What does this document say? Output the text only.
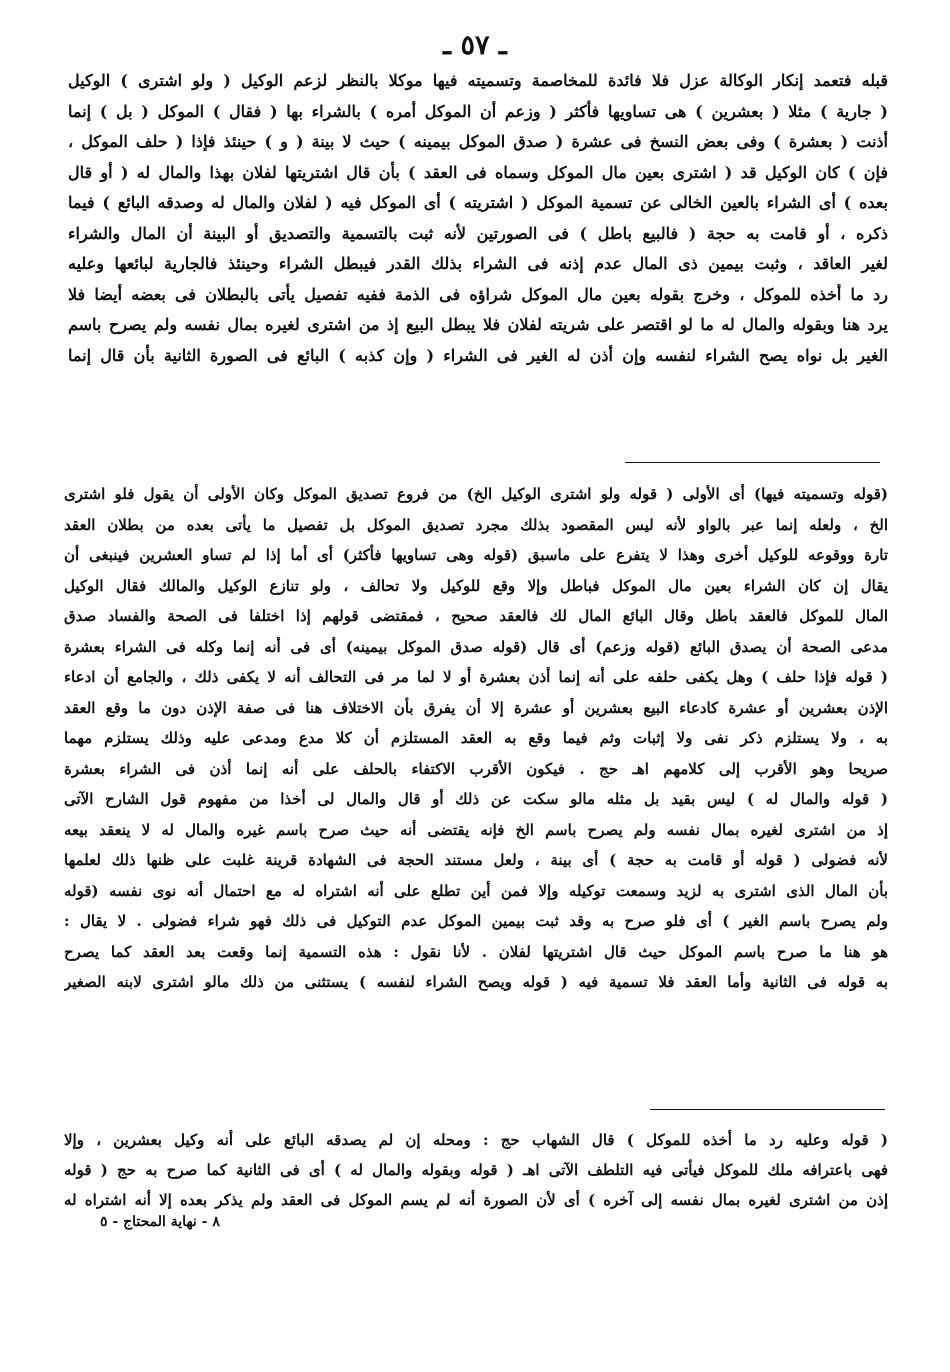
ـ ٥٧ ـ
قبله فتعمد إنكار الوكالة عزل فلا فائدة للمخاصمة وتسميته فيها موكلا بالنظر لزعم الوكيل ( ولو اشترى ) الوكيل
( جارية ) مثلا ( بعشرين ) هى تساويها فأكثر ( وزعم أن الموكل أمره ) بالشراء بها ( فقال ) الموكل ( بل ) إنما
أذنت ( بعشرة ) وفى بعض النسخ فى عشرة ( صدق الموكل بيمينه ) حيث لا بينة ( و ) حينئذ فإذا ( حلف الموكل ،
فإن ) كان الوكيل قد ( اشترى بعين مال الموكل وسماه فى العقد ) بأن قال اشتريتها لفلان بهذا والمال له ( أو قال
بعده ) أى الشراء بالعين الخالى عن تسمية الموكل ( اشتريته ) أى الموكل فيه ( لفلان والمال له وصدقه البائع ) فيما
ذكره ، أو قامت به حجة ( فالبيع باطل ) فى الصورتين لأنه ثبت بالتسمية والتصديق أو البينة أن المال والشراء
لغير العاقد ، وثبت بيمين ذى المال عدم إذنه فى الشراء بذلك القدر فيبطل الشراء وحينئذ فالجارية لبائعها وعليه
رد ما أخذه للموكل ، وخرج بقوله بعين مال الموكل شراؤه فى الذمة ففيه تفصيل يأتى بالبطلان فى بعضه أيضا فلا
يرد هنا وبقوله والمال له ما لو اقتصر على شريته لفلان فلا يبطل البيع إذ من اشترى لغيره بمال نفسه ولم يصرح باسم
الغير بل نواه يصح الشراء لنفسه وإن أذن له الغير فى الشراء ( وإن كذبه ) البائع فى الصورة الثانية بأن قال إنما
(قوله وتسميته فيها) أى الأولى ( قوله ولو اشترى الوكيل الخ) من فروع تصديق الموكل وكان الأولى أن يقول فلو اشترى
الخ ، ولعله إنما عبر بالواو لأنه ليس المقصود بذلك مجرد تصديق الموكل بل تفصيل ما يأتى بعده من بطلان العقد
تارة ووقوعه للوكيل أخرى وهذا لا يتفرع على ماسبق (قوله وهى تساويها فأكثر) أى أما إذا لم تساو العشرين فينبغى أن
يقال إن كان الشراء بعين مال الموكل فباطل وإلا وقع للوكيل ولا تحالف ، ولو تنازع الوكيل والمالك فقال الوكيل
المال للموكل فالعقد باطل وقال البائع المال لك فالعقد صحيح ، فمقتضى قولهم إذا اختلفا فى الصحة والفساد صدق
مدعى الصحة أن يصدق البائع (قوله وزعم) أى قال (قوله صدق الموكل بيمينه) أى فى أنه إنما وكله فى الشراء بعشرة
( قوله فإذا حلف ) وهل يكفى حلفه على أنه إنما أذن بعشرة أو لا لما مر فى التحالف أنه لا يكفى ذلك ، والجامع أن ادعاء
الإذن بعشرين أو عشرة كادعاء البيع بعشرين أو عشرة إلا أن يفرق بأن الاختلاف هنا فى صفة الإذن دون ما وقع العقد
به ، ولا يستلزم ذكر نفى ولا إثبات وثم فيما وقع به العقد المستلزم أن كلا مدع ومدعى عليه وذلك يستلزم مهما
صريحا وهو الأقرب إلى كلامهم اهـ حج . فيكون الأقرب الاكتفاء بالحلف على أنه إنما أذن فى الشراء بعشرة
( قوله والمال له ) ليس بقيد بل مثله مالو سكت عن ذلك أو قال والمال لى أخذا من مفهوم قول الشارح الآتى
إذ من اشترى لغيره بمال نفسه ولم يصرح باسم الخ فإنه يقتضى أنه حيث صرح باسم غيره والمال له لا ينعقد بيعه
لأنه فضولى ( قوله أو قامت به حجة ) أى بينة ، ولعل مستند الحجة فى الشهادة قرينة غلبت على ظنها ذلك لعلمها
بأن المال الذى اشترى به لزيد وسمعت توكيله وإلا فمن أين تطلع على أنه اشتراه له مع احتمال أنه نوى نفسه (قوله
ولم يصرح باسم الغير ) أى فلو صرح به وقد ثبت بيمين الموكل عدم التوكيل فى ذلك فهو شراء فضولى . لا يقال :
هو هنا ما صرح باسم الموكل حيث قال اشتريتها لفلان . لأنا نقول : هذه التسمية إنما وقعت بعد العقد كما يصرح
به قوله فى الثانية وأما العقد فلا تسمية فيه ( قوله ويصح الشراء لنفسه ) يستثنى من ذلك مالو اشترى لابنه الصغير
( قوله وعليه رد ما أخذه للموكل ) قال الشهاب حج : ومحله إن لم يصدقه البائع على أنه وكيل بعشرين ، وإلا
فهى باعترافه ملك للموكل فيأتى فيه التلطف الآتى اهـ ( قوله وبقوله والمال له ) أى فى الثانية كما صرح به حج ( قوله
إذن من اشترى لغيره بمال نفسه إلى آخره ) أى لأن الصورة أنه لم يسم الموكل فى العقد ولم يذكر بعده إلا أنه اشتراه له
٨ - نهاية المحتاج - ٥
